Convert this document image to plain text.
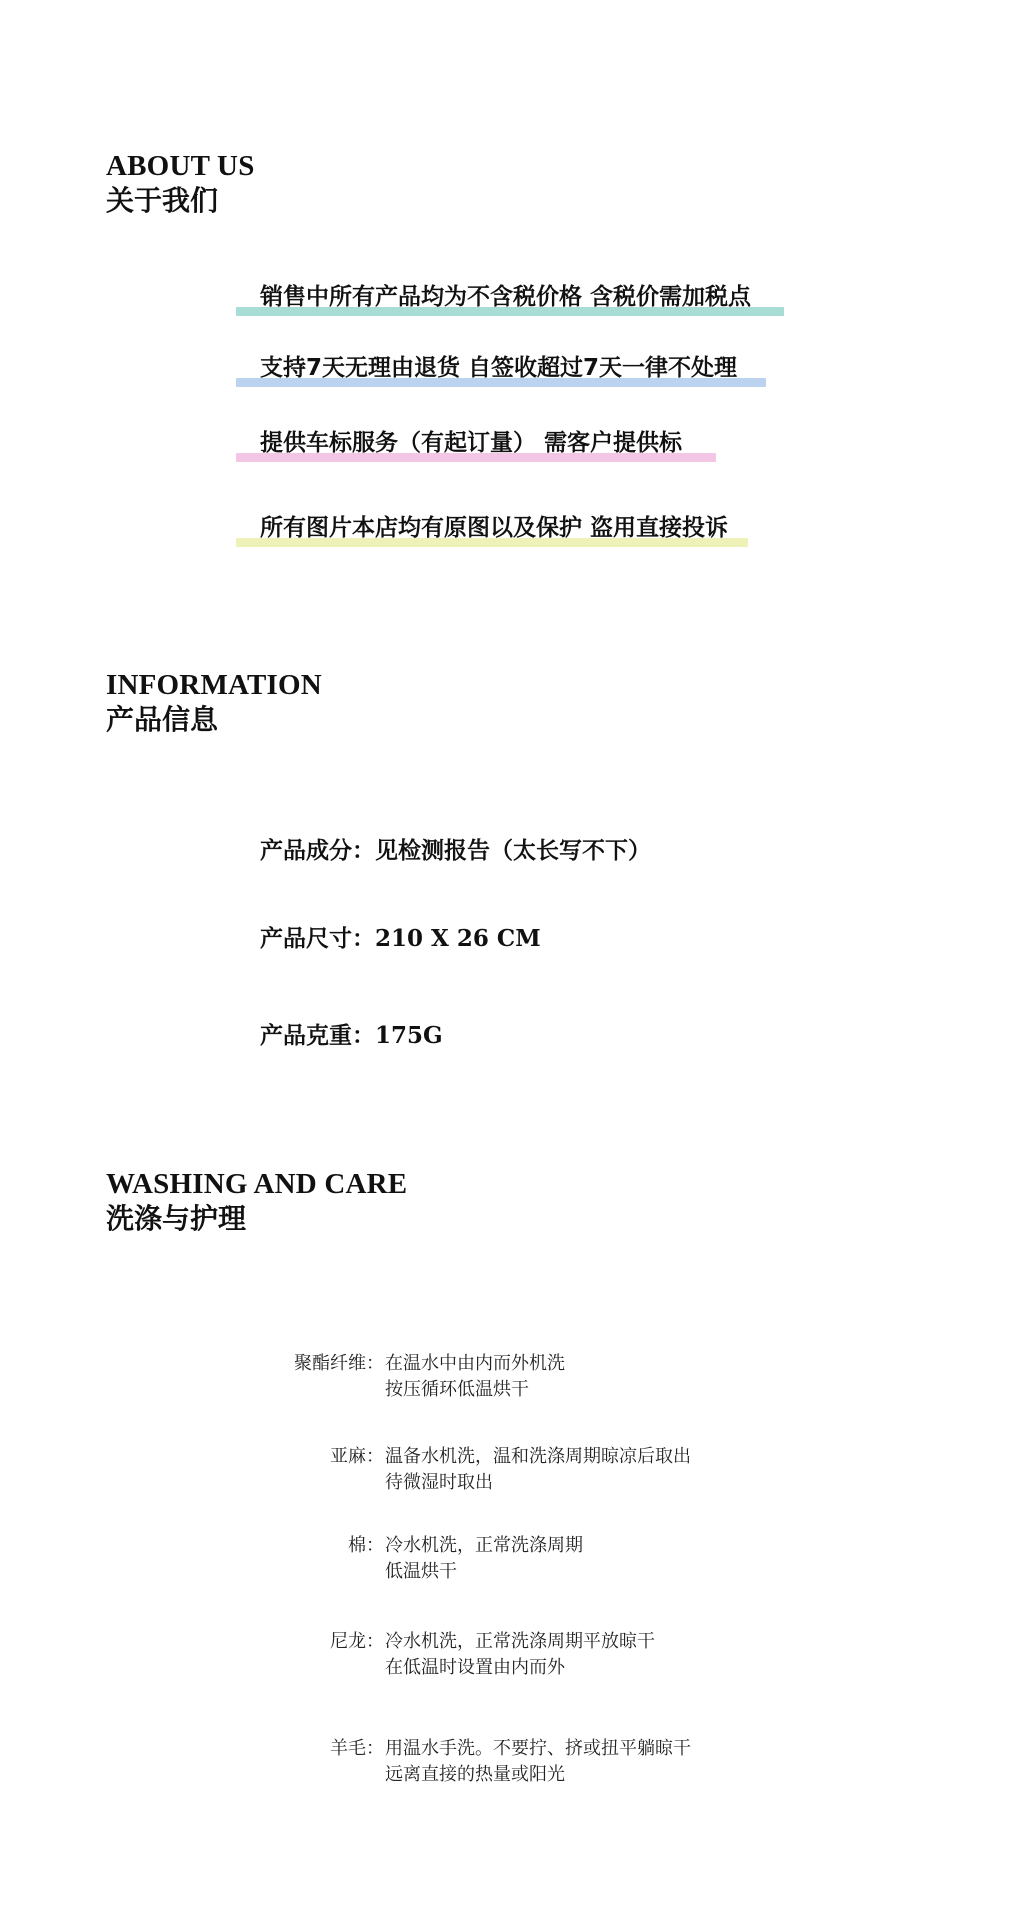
ABOUT US
关于我们
销售中所有产品均为不含税价格 含税价需加税点
支持7天无理由退货 自签收超过7天一律不处理
提供车标服务（有起订量） 需客户提供标
所有图片本店均有原图以及保护 盗用直接投诉
INFORMATION
产品信息
产品成分：见检测报告（太长写不下）
产品尺寸：210 X 26 CM
产品克重：175G
WASHING AND CARE
洗涤与护理
聚酯纤维： 在温水中由内而外机洗
按压循环低温烘干
亚麻： 温备水机洗，温和洗涤周期晾凉后取出
待微湿时取出
棉： 冷水机洗，正常洗涤周期
低温烘干
尼龙： 冷水机洗，正常洗涤周期平放晾干
在低温时设置由内而外
羊毛： 用温水手洗。不要拧、挤或扭平躺晾干
远离直接的热量或阳光
